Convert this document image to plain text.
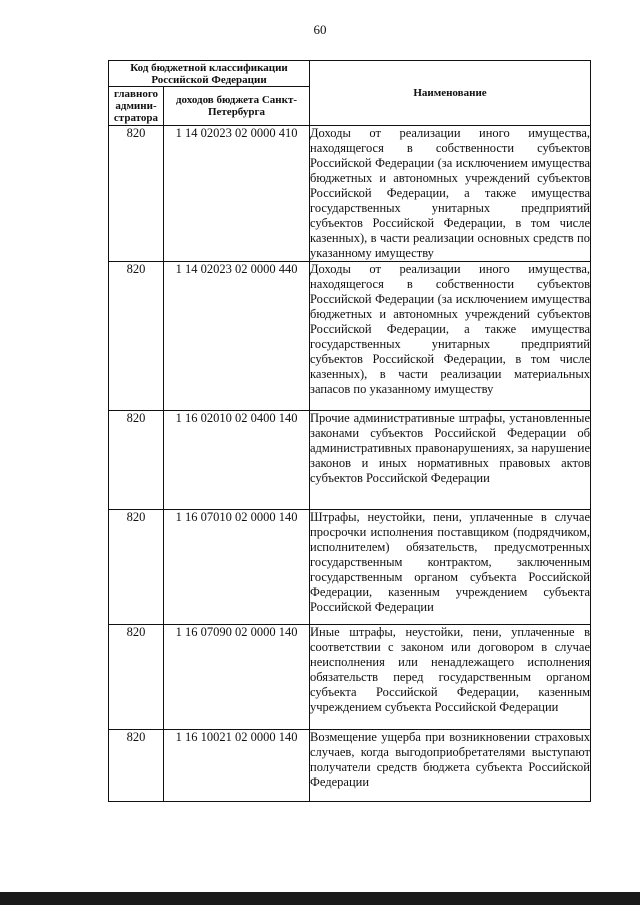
60
Код бюджетной классификации Российской Федерации		Наименование
главного админи-стратора	доходов бюджета Санкт-Петербурга	
820	1 14 02023 02 0000 410	Доходы от реализации иного имущества, находящегося в собственности субъектов Российской Федерации (за исключением имущества бюджетных и автономных учреждений субъектов Российской Федерации, а также имущества государственных унитарных предприятий субъектов Российской Федерации, в том числе казенных), в части реализации основных средств по указанному имуществу
820	1 14 02023 02 0000 440	Доходы от реализации иного имущества, находящегося в собственности субъектов Российской Федерации (за исключением имущества бюджетных и автономных учреждений субъектов Российской Федерации, а также имущества государственных унитарных предприятий субъектов Российской Федерации, в том числе казенных), в части реализации материальных запасов по указанному имуществу
820	1 16 02010 02 0400 140	Прочие административные штрафы, установленные законами субъектов Российской Федерации об административных правонарушениях, за нарушение законов и иных нормативных правовых актов субъектов Российской Федерации
820	1 16 07010 02 0000 140	Штрафы, неустойки, пени, уплаченные в случае просрочки исполнения поставщиком (подрядчиком, исполнителем) обязательств, предусмотренных государственным контрактом, заключенным государственным органом субъекта Российской Федерации, казенным учреждением субъекта Российской Федерации
820	1 16 07090 02 0000 140	Иные штрафы, неустойки, пени, уплаченные в соответствии с законом или договором в случае неисполнения или ненадлежащего исполнения обязательств перед государственным органом субъекта Российской Федерации, казенным учреждением субъекта Российской Федерации
820	1 16 10021 02 0000 140	Возмещение ущерба при возникновении страховых случаев, когда выгодоприобретателями выступают получатели средств бюджета субъекта Российской Федерации
